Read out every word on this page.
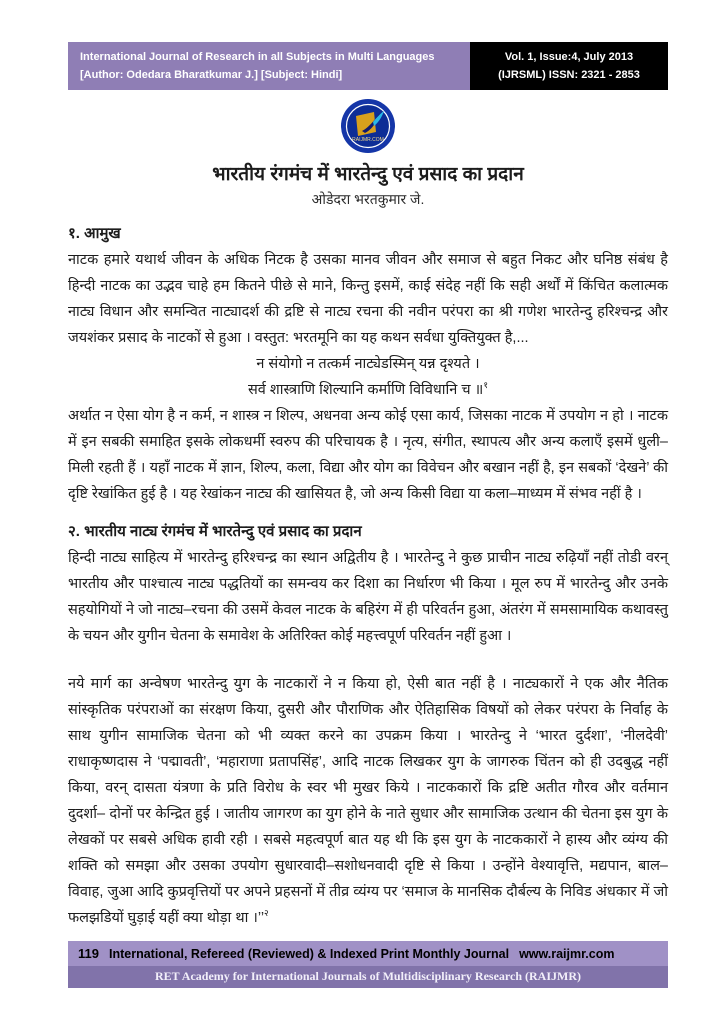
International Journal of Research in all Subjects in Multi Languages
[Author: Odedara Bharatkumar J.] [Subject: Hindi]
Vol. 1, Issue:4, July 2013
(IJRSML) ISSN: 2321 - 2853
RAIJMR.COM
भारतीय रंगमंच में भारतेन्दु एवं प्रसाद का प्रदान
ओडेदरा भरतकुमार जे.
१. आमुख

नाटक हमारे यथार्थ जीवन के अधिक निटक है उसका मानव जीवन और समाज से बहुत निकट और घनिष्ठ संबंध है हिन्दी नाटक का उद्भव चाहे हम कितने पीछे से माने, किन्तु इसमें, काई संदेह नहीं कि सही अर्थों में किंचित कलात्मक नाट्य विधान और समन्वित नाट्यादर्श की द्रष्टि से नाट्य रचना की नवीन परंपरा का श्री गणेश भारतेन्दु हरिश्चन्द्र और जयशंकर प्रसाद के नाटकों से हुआ । वस्तुत: भरतमूनि का यह कथन सर्वधा युक्तियुक्त है,...

न संयोगो न तत्कर्म नाट्येडस्मिन् यन्न दृश्यते ।
सर्व शास्त्राणि शिल्यानि कर्माणि विविधानि च ॥$^१$

अर्थात न ऐसा योग है न कर्म, न शास्त्र न शिल्प, अधनवा अन्य कोई एसा कार्य, जिसका नाटक में उपयोग न हो । नाटक में इन सबकी समाहित इसके लोकधर्मी स्वरुप की परिचायक है । नृत्य, संगीत, स्थापत्य और अन्य कलाएँ इसमें धुली–मिली रहती हैं । यहाँ नाटक में ज्ञान, शिल्प, कला, विद्या और योग का विवेचन और बखान नहीं है, इन सबकों ‘देखने’ की दृष्टि रेखांकित हुई है । यह रेखांकन नाट्य की खासियत है, जो अन्य किसी विद्या या कला–माध्यम में संभव नहीं है ।

२. भारतीय नाट्य रंगमंच में भारतेन्दु एवं प्रसाद का प्रदान

हिन्दी नाट्य साहित्य में भारतेन्दु हरिश्चन्द्र का स्थान अद्वितीय है । भारतेन्दु ने कुछ प्राचीन नाट्य रुढ़ियाँ नहीं तोडी वरन् भारतीय और पाश्चात्य नाट्य पद्धतियों का समन्वय कर दिशा का निर्धारण भी किया । मूल रुप में भारतेन्दु और उनके सहयोगियों ने जो नाट्य–रचना की उसमें केवल नाटक के बहिरंग में ही परिवर्तन हुआ, अंतरंग में समसामायिक कथावस्तु के चयन और युगीन चेतना के समावेश के अतिरिक्त कोई महत्त्वपूर्ण परिवर्तन नहीं हुआ ।

नये मार्ग का अन्वेषण भारतेन्दु युग के नाटकारों ने न किया हो, ऐसी बात नहीं है । नाट्यकारों ने एक और नैतिक सांस्कृतिक परंपराओं का संरक्षण किया, दुसरी और पौराणिक और ऐतिहासिक विषयों को लेकर परंपरा के निर्वाह के साथ युगीन सामाजिक चेतना को भी व्यक्त करने का उपक्रम किया । भारतेन्दु ने ‘भारत दुर्दशा’, ‘नीलदेवी’ राधाकृष्णदास ने ‘पद्मावती’, ‘महाराणा प्रतापसिंह’, आदि नाटक लिखकर युग के जागरुक चिंतन को ही उदबुद्ध नहीं किया, वरन् दासता यंत्रणा के प्रति विरोध के स्वर भी मुखर किये । नाटककारों कि द्रष्टि अतीत गौरव और वर्तमान दुदर्शा– दोनों पर केन्द्रित हुई । जातीय जागरण का युग होने के नाते सुधार और सामाजिक उत्थान की चेतना इस युग के लेखकों पर सबसे अधिक हावी रही । सबसे महत्वपूर्ण बात यह थी कि इस युग के नाटककारों ने हास्य और व्यंग्य की शक्ति को समझा और उसका उपयोग सुधारवादी–सशोधनवादी दृष्टि से किया । उन्होंने वेश्यावृत्ति, मद्यपान, बाल–विवाह, जुआ आदि कुप्रवृत्तियों पर अपने प्रहसनों में तीव्र व्यंग्य पर ‘समाज के मानसिक दौर्बल्य के निविड अंधकार में जो फलझडियों घुड़ाई यहीं क्या थोड़ा था ।’’$^२$

119 International, Refereed (Reviewed) & Indexed Print Monthly Journal www.raijmr.com
RET Academy for International Journals of Multidisciplinary Research (RAIJMR)
